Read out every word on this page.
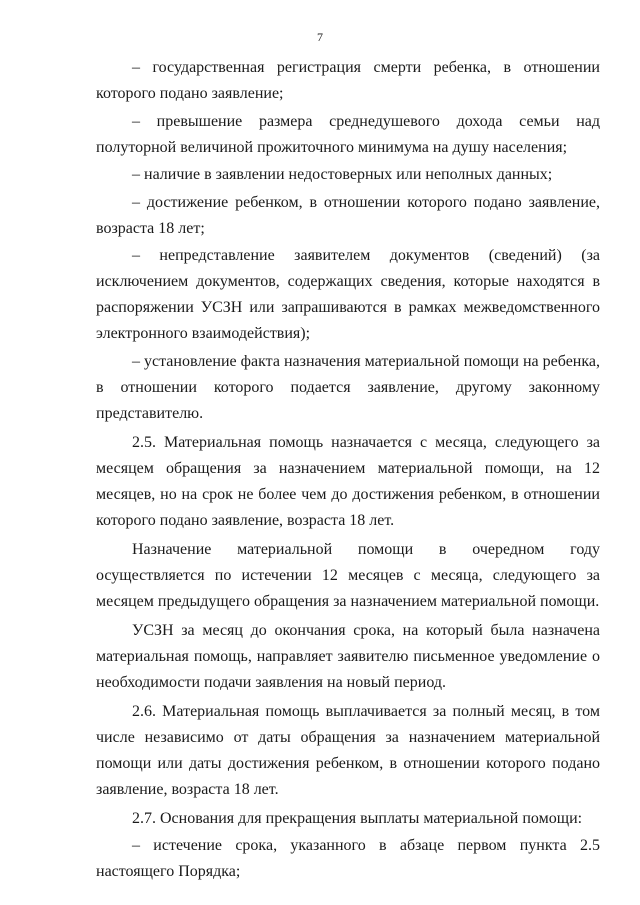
7

– государственная регистрация смерти ребенка, в отношении которого подано заявление;

– превышение размера среднедушевого дохода семьи над полуторной величиной прожиточного минимума на душу населения;

– наличие в заявлении недостоверных или неполных данных;

– достижение ребенком, в отношении которого подано заявление, возраста 18 лет;

– непредставление заявителем документов (сведений) (за исключением документов, содержащих сведения, которые находятся в распоряжении УСЗН или запрашиваются в рамках межведомственного электронного взаимодействия);

– установление факта назначения материальной помощи на ребенка, в отношении которого подается заявление, другому законному представителю.

2.5. Материальная помощь назначается с месяца, следующего за месяцем обращения за назначением материальной помощи, на 12 месяцев, но на срок не более чем до достижения ребенком, в отношении которого подано заявление, возраста 18 лет.

Назначение материальной помощи в очередном году осуществляется по истечении 12 месяцев с месяца, следующего за месяцем предыдущего обращения за назначением материальной помощи.

УСЗН за месяц до окончания срока, на который была назначена материальная помощь, направляет заявителю письменное уведомление о необходимости подачи заявления на новый период.

2.6. Материальная помощь выплачивается за полный месяц, в том числе независимо от даты обращения за назначением материальной помощи или даты достижения ребенком, в отношении которого подано заявление, возраста 18 лет.

2.7. Основания для прекращения выплаты материальной помощи:

– истечение срока, указанного в абзаце первом пункта 2.5 настоящего Порядка;
